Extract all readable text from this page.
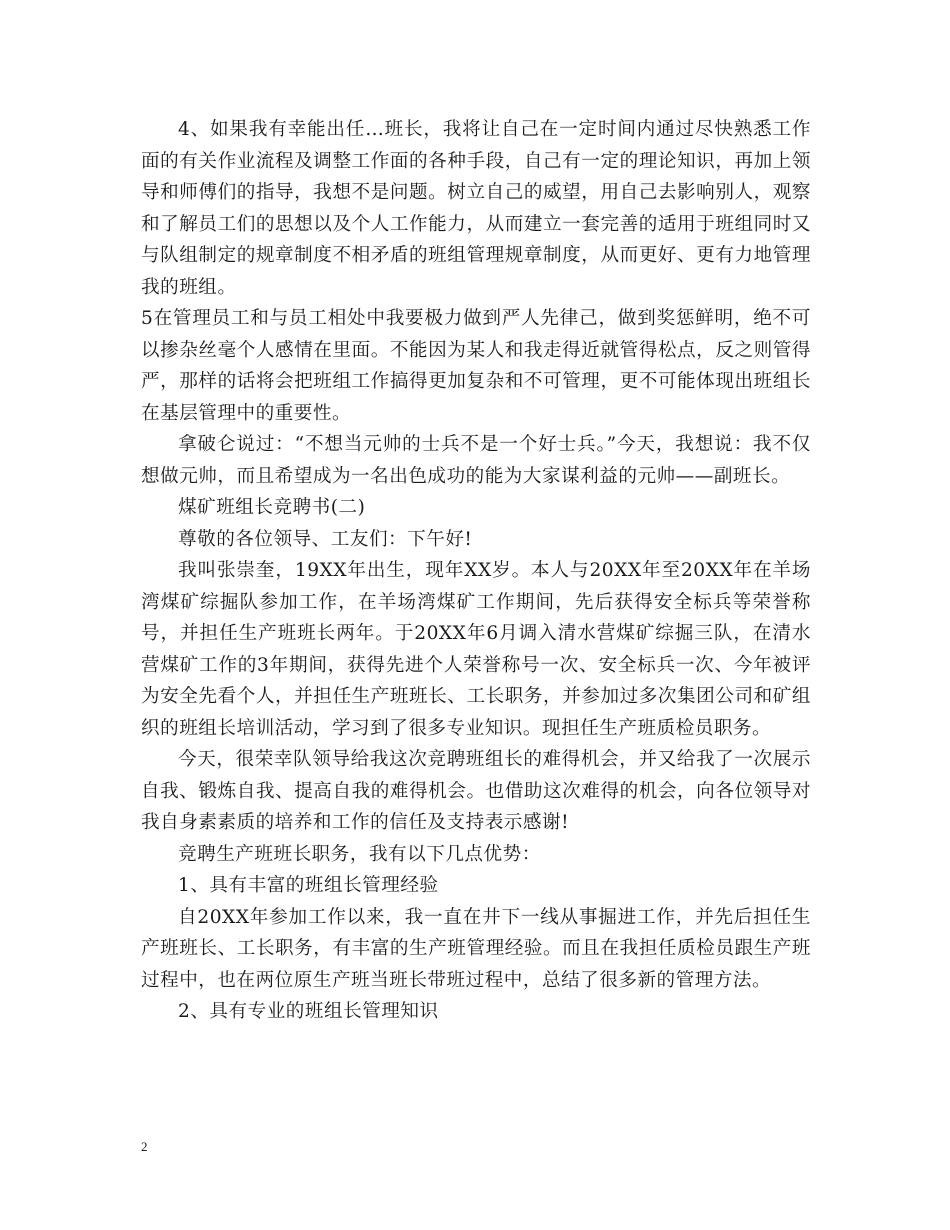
4、如果我有幸能出任…班长，我将让自己在一定时间内通过尽快熟悉工作面的有关作业流程及调整工作面的各种手段，自己有一定的理论知识，再加上领导和师傅们的指导，我想不是问题。树立自己的威望，用自己去影响别人，观察和了解员工们的思想以及个人工作能力，从而建立一套完善的适用于班组同时又与队组制定的规章制度不相矛盾的班组管理规章制度，从而更好、更有力地管理我的班组。

5在管理员工和与员工相处中我要极力做到严人先律己，做到奖惩鲜明，绝不可以掺杂丝毫个人感情在里面。不能因为某人和我走得近就管得松点，反之则管得严，那样的话将会把班组工作搞得更加复杂和不可管理，更不可能体现出班组长在基层管理中的重要性。

拿破仑说过：“不想当元帅的士兵不是一个好士兵。”今天，我想说：我不仅想做元帅，而且希望成为一名出色成功的能为大家谋利益的元帅——副班长。

煤矿班组长竞聘书(二)

尊敬的各位领导、工友们：下午好!

我叫张崇奎，19XX年出生，现年XX岁。本人与20XX年至20XX年在羊场湾煤矿综掘队参加工作，在羊场湾煤矿工作期间，先后获得安全标兵等荣誉称号，并担任生产班班长两年。于20XX年6月调入清水营煤矿综掘三队，在清水营煤矿工作的3年期间，获得先进个人荣誉称号一次、安全标兵一次、今年被评为安全先看个人，并担任生产班班长、工长职务，并参加过多次集团公司和矿组织的班组长培训活动，学习到了很多专业知识。现担任生产班质检员职务。

今天，很荣幸队领导给我这次竞聘班组长的难得机会，并又给我了一次展示自我、锻炼自我、提高自我的难得机会。也借助这次难得的机会，向各位领导对我自身素素质的培养和工作的信任及支持表示感谢!

竞聘生产班班长职务，我有以下几点优势：

1、具有丰富的班组长管理经验

自20XX年参加工作以来，我一直在井下一线从事掘进工作，并先后担任生产班班长、工长职务，有丰富的生产班管理经验。而且在我担任质检员跟生产班过程中，也在两位原生产班当班长带班过程中，总结了很多新的管理方法。

2、具有专业的班组长管理知识

2
